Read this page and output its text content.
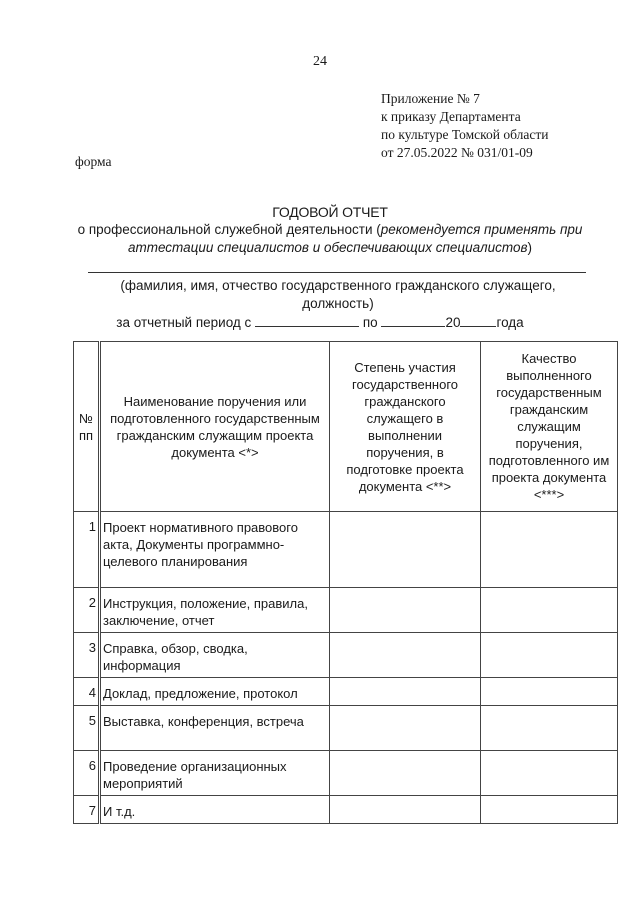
24
Приложение № 7
к приказу Департамента
по культуре Томской области
от 27.05.2022 № 031/01-09
форма
ГОДОВОЙ ОТЧЕТ
о профессиональной служебной деятельности (рекомендуется применять при аттестации специалистов и обеспечивающих специалистов)
(фамилия, имя, отчество государственного гражданского служащего, должность)
за отчетный период с	по	20	года
№ пп	Наименование поручения или подготовленного государственным гражданским служащим проекта документа <*>	Степень участия государственного гражданского служащего в выполнении поручения, в подготовке проекта документа <**>	Качество выполненного государственным гражданским служащим поручения, подготовленного им проекта документа <***>
1	Проект нормативного правового акта, Документы программно-целевого планирования		
2	Инструкция, положение, правила, заключение, отчет		
3	Справка, обзор, сводка, информация		
4	Доклад, предложение, протокол		
5	Выставка, конференция, встреча		
6	Проведение организационных мероприятий		
7	И т.д.		
